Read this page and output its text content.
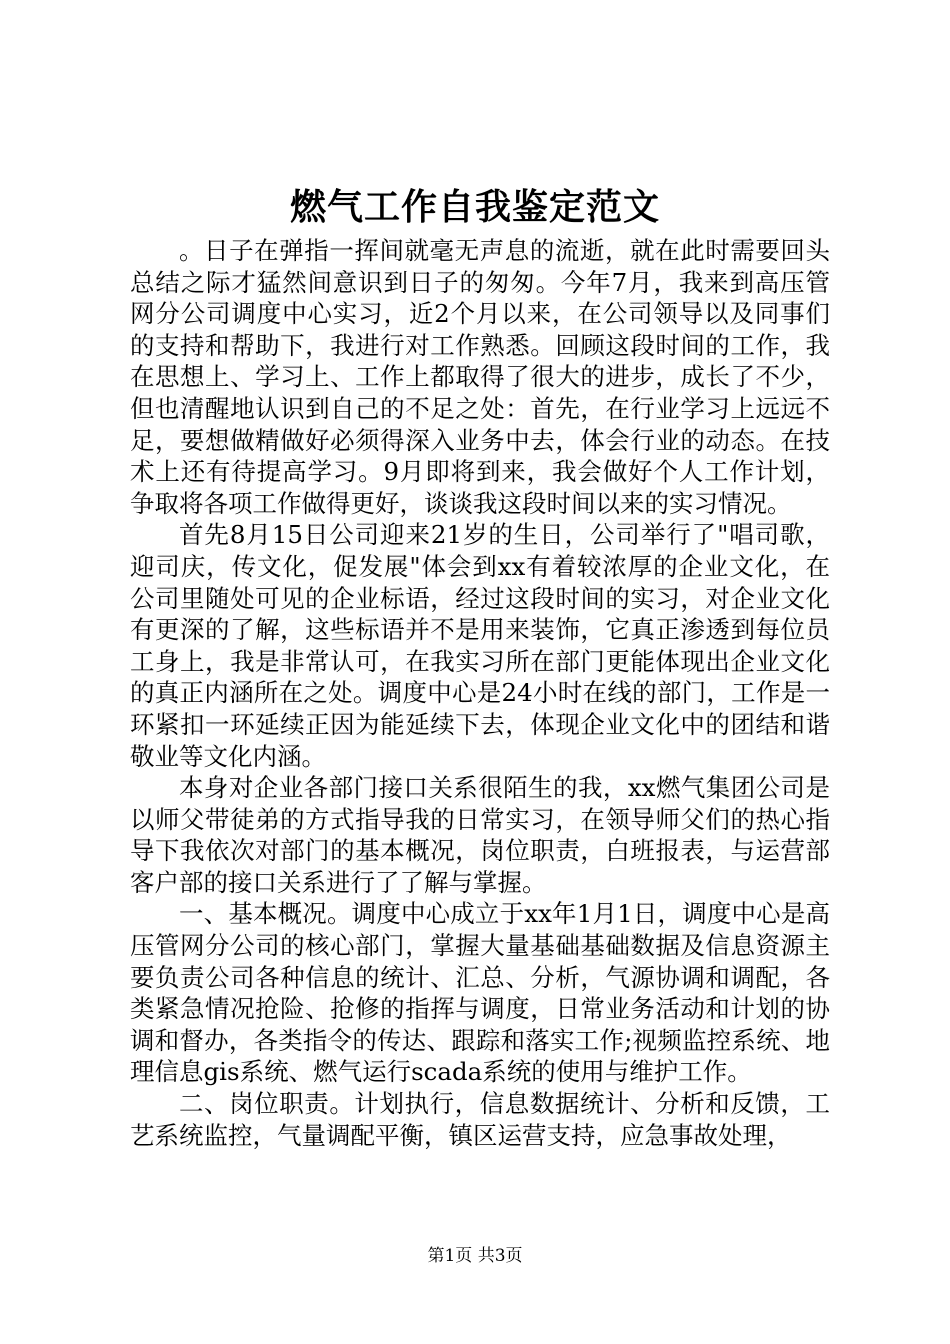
燃气工作自我鉴定范文

。日子在弹指一挥间就毫无声息的流逝，就在此时需要回头总结之际才猛然间意识到日子的匆匆。今年7月，我来到高压管网分公司调度中心实习，近2个月以来，在公司领导以及同事们的支持和帮助下，我进行对工作熟悉。回顾这段时间的工作，我在思想上、学习上、工作上都取得了很大的进步，成长了不少，但也清醒地认识到自己的不足之处：首先，在行业学习上远远不足，要想做精做好必须得深入业务中去，体会行业的动态。在技术上还有待提高学习。9月即将到来，我会做好个人工作计划，争取将各项工作做得更好，谈谈我这段时间以来的实习情况。

首先8月15日公司迎来21岁的生日，公司举行了"唱司歌，迎司庆，传文化，促发展"体会到xx有着较浓厚的企业文化，在公司里随处可见的企业标语，经过这段时间的实习，对企业文化有更深的了解，这些标语并不是用来装饰，它真正渗透到每位员工身上，我是非常认可，在我实习所在部门更能体现出企业文化的真正内涵所在之处。调度中心是24小时在线的部门，工作是一环紧扣一环延续正因为能延续下去，体现企业文化中的团结和谐敬业等文化内涵。

本身对企业各部门接口关系很陌生的我，xx燃气集团公司是以师父带徒弟的方式指导我的日常实习，在领导师父们的热心指导下我依次对部门的基本概况，岗位职责，白班报表，与运营部客户部的接口关系进行了了解与掌握。

一、基本概况。调度中心成立于xx年1月1日，调度中心是高压管网分公司的核心部门，掌握大量基础基础数据及信息资源主要负责公司各种信息的统计、汇总、分析，气源协调和调配，各类紧急情况抢险、抢修的指挥与调度，日常业务活动和计划的协调和督办，各类指令的传达、跟踪和落实工作;视频监控系统、地理信息gis系统、燃气运行scada系统的使用与维护工作。

二、岗位职责。计划执行，信息数据统计、分析和反馈，工艺系统监控，气量调配平衡，镇区运营支持，应急事故处理，

第1页 共3页
